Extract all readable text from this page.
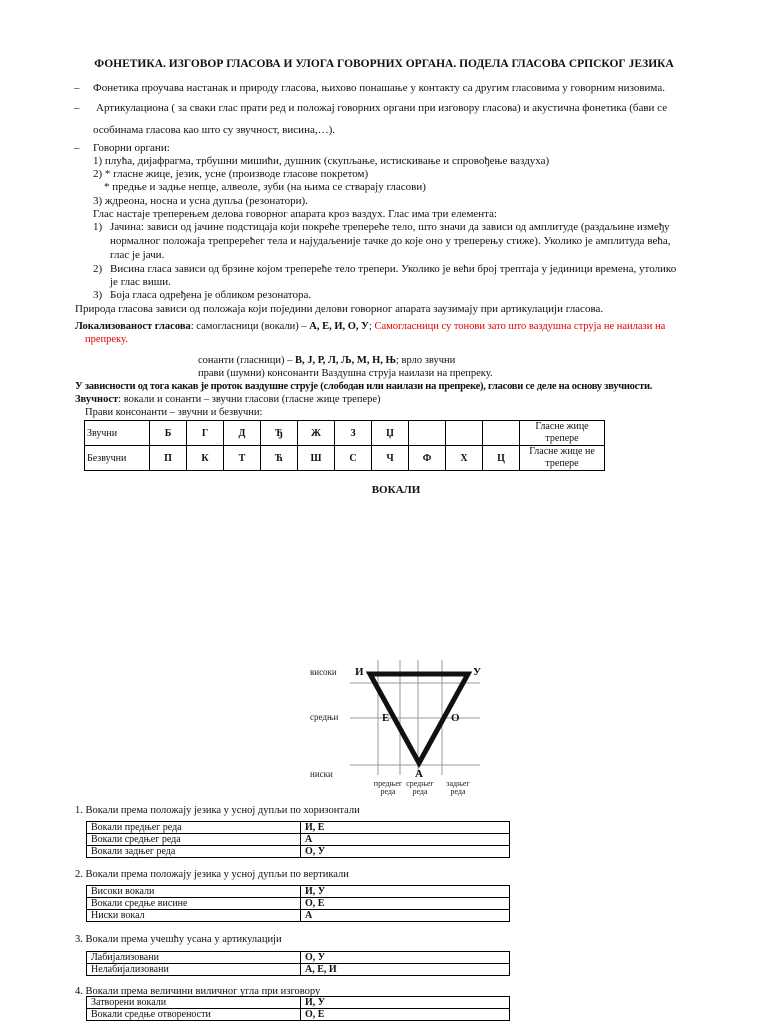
ФОНЕТИКА. ИЗГОВОР ГЛАСОВА И УЛОГА ГОВОРНИХ ОРГАНА. ПОДЕЛА ГЛАСОВА СРПСКОГ ЈЕЗИКА
– Фонетика проучава настанак и природу гласова, њихово понашање у контакту са другим гласовима у говорним низовима.
– Артикулациона ( за сваки глас прати ред и положај говорних органи при изговору гласова) и акустична фонетика (бави се
особинама гласова као што су звучност, висина,…).
– Говорни органи:
1) плућа, дијафрагма, трбушни мишићи, душник (скупљање, истискивање и спровођење ваздуха)
2) * гласне жице, језик, усне (производе гласове покретом)
* предње и задње непце, алвеоле, зуби (на њима се стварају гласови)
3) ждреона, носна и усна дупља (резонатори).
Глас настаје треперењем делова говорног апарата кроз ваздух. Глас има три елемента:
1) Јачина: зависи од јачине подстицаја који покреће трепереће тело, што значи да зависи од амплитуде (раздаљине између
нормалног положаја трепререћег тела и најудаљеније тачке до које оно у треперењу стиже). Уколико је амплитуда већа,
глас је јачи.
2) Висина гласа зависи од брзине којом трепереће тело трепери. Уколико је већи број трептаја у јединици времена, утолико
је глас виши.
3) Боја гласа одређена је обликом резонатора.
Природа гласова зависи од положаја који поједини делови говорног апарата заузимају при артикулацији гласова.
Локализованост гласова: самогласници (вокали) – А, Е, И, О, У; Самогласници су тонови зато што ваздушна струја не наилази на
препреку.
сонанти (гласници) – В, Ј, Р, Л, Љ, М, Н, Њ; врло звучни
прави (шумни) консонанти Ваздушна струја наилази на препреку.
У зависности од тога какав је проток ваздушне струје (слободан или наилази на препреке), гласови се деле на основу звучности.
Звучност: вокали и сонанти – звучни гласови (гласне жице трепере)
Прави консонанти – звучни и безвучни:
Звучни	Б	Г	Д	Ђ	Ж	З	Џ				Гласне жице трепере
Безвучни	П	К	Т	Ћ	Ш	С	Ч	Ф	Х	Ц	Гласне жице не трепере
ВОКАЛИ
високи
средњи
ниски
И	У
Е	О
А
предњег
реда
средњег
реда
задњег
реда
1. Вокали према положају језика у усној дупљи по хоризонтали
Вокали предњег реда	И, Е
Вокали средњег реда	А
Вокали задњег реда	О, У
2. Вокали према положају језика у усној дупљи по вертикали
Високи вокали	И, У
Вокали средње висине	О, Е
Ниски вокал	А
3. Вокали према учешћу усана у артикулацији
Лабијализовани	О, У
Нелабијализовани	А, Е, И
4. Вокали према величини виличног угла при изговору
Затворени вокали	И, У
Вокали средње отворености	О, Е
